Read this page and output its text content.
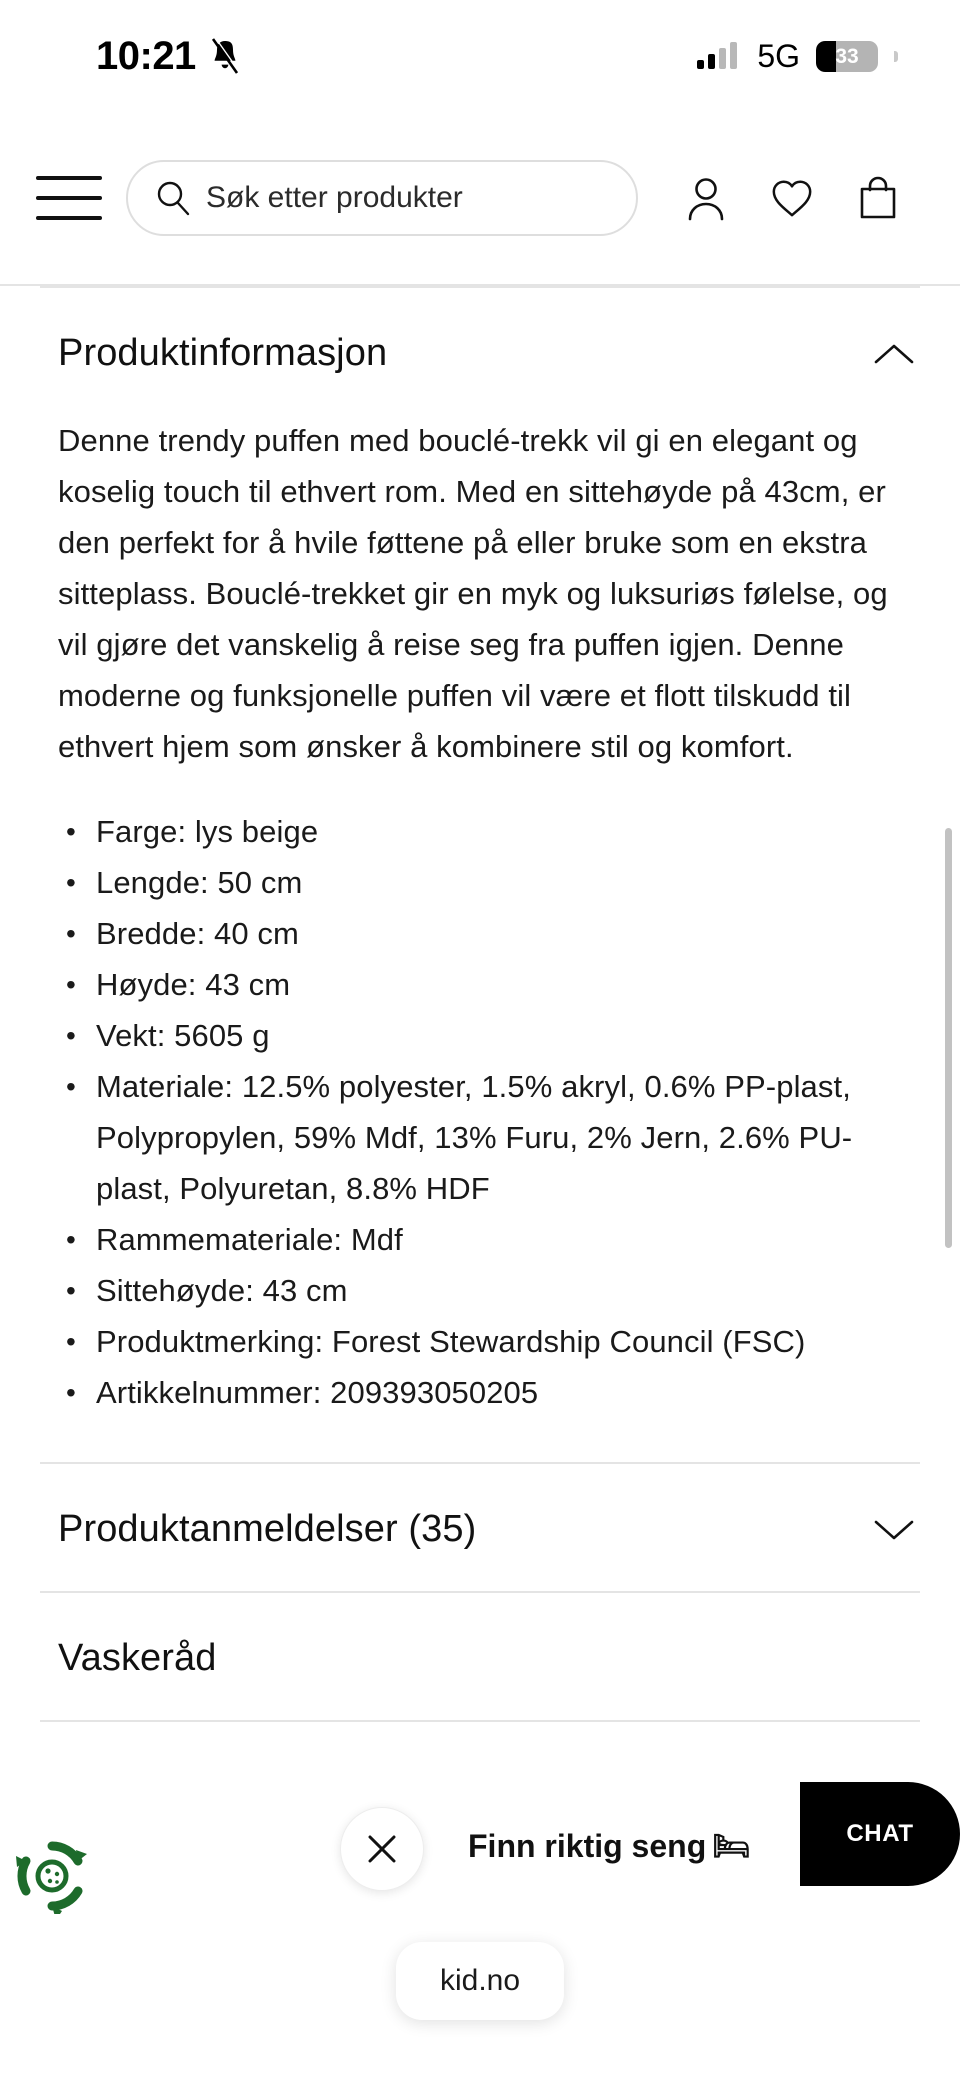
10:21	5G	33
Søk etter produkter
Produktinformasjon

Denne trendy puffen med bouclé-trekk vil gi en elegant og koselig touch til ethvert rom. Med en sittehøyde på 43cm, er den perfekt for å hvile føttene på eller bruke som en ekstra sitteplass. Bouclé-trekket gir en myk og luksuriøs følelse, og vil gjøre det vanskelig å reise seg fra puffen igjen. Denne moderne og funksjonelle puffen vil være et flott tilskudd til ethvert hjem som ønsker å kombinere stil og komfort.

• Farge: lys beige
• Lengde: 50 cm
• Bredde: 40 cm
• Høyde: 43 cm
• Vekt: 5605 g
• Materiale: 12.5% polyester, 1.5% akryl, 0.6% PP-plast, Polypropylen, 59% Mdf, 13% Furu, 2% Jern, 2.6% PU-plast, Polyuretan, 8.8% HDF
• Rammemateriale: Mdf
• Sittehøyde: 43 cm
• Produktmerking: Forest Stewardship Council (FSC)
• Artikkelnummer: 209393050205
Produktanmeldelser (35)
Vaskeråd
Finn riktig seng 🛏	CHAT
kid.no
